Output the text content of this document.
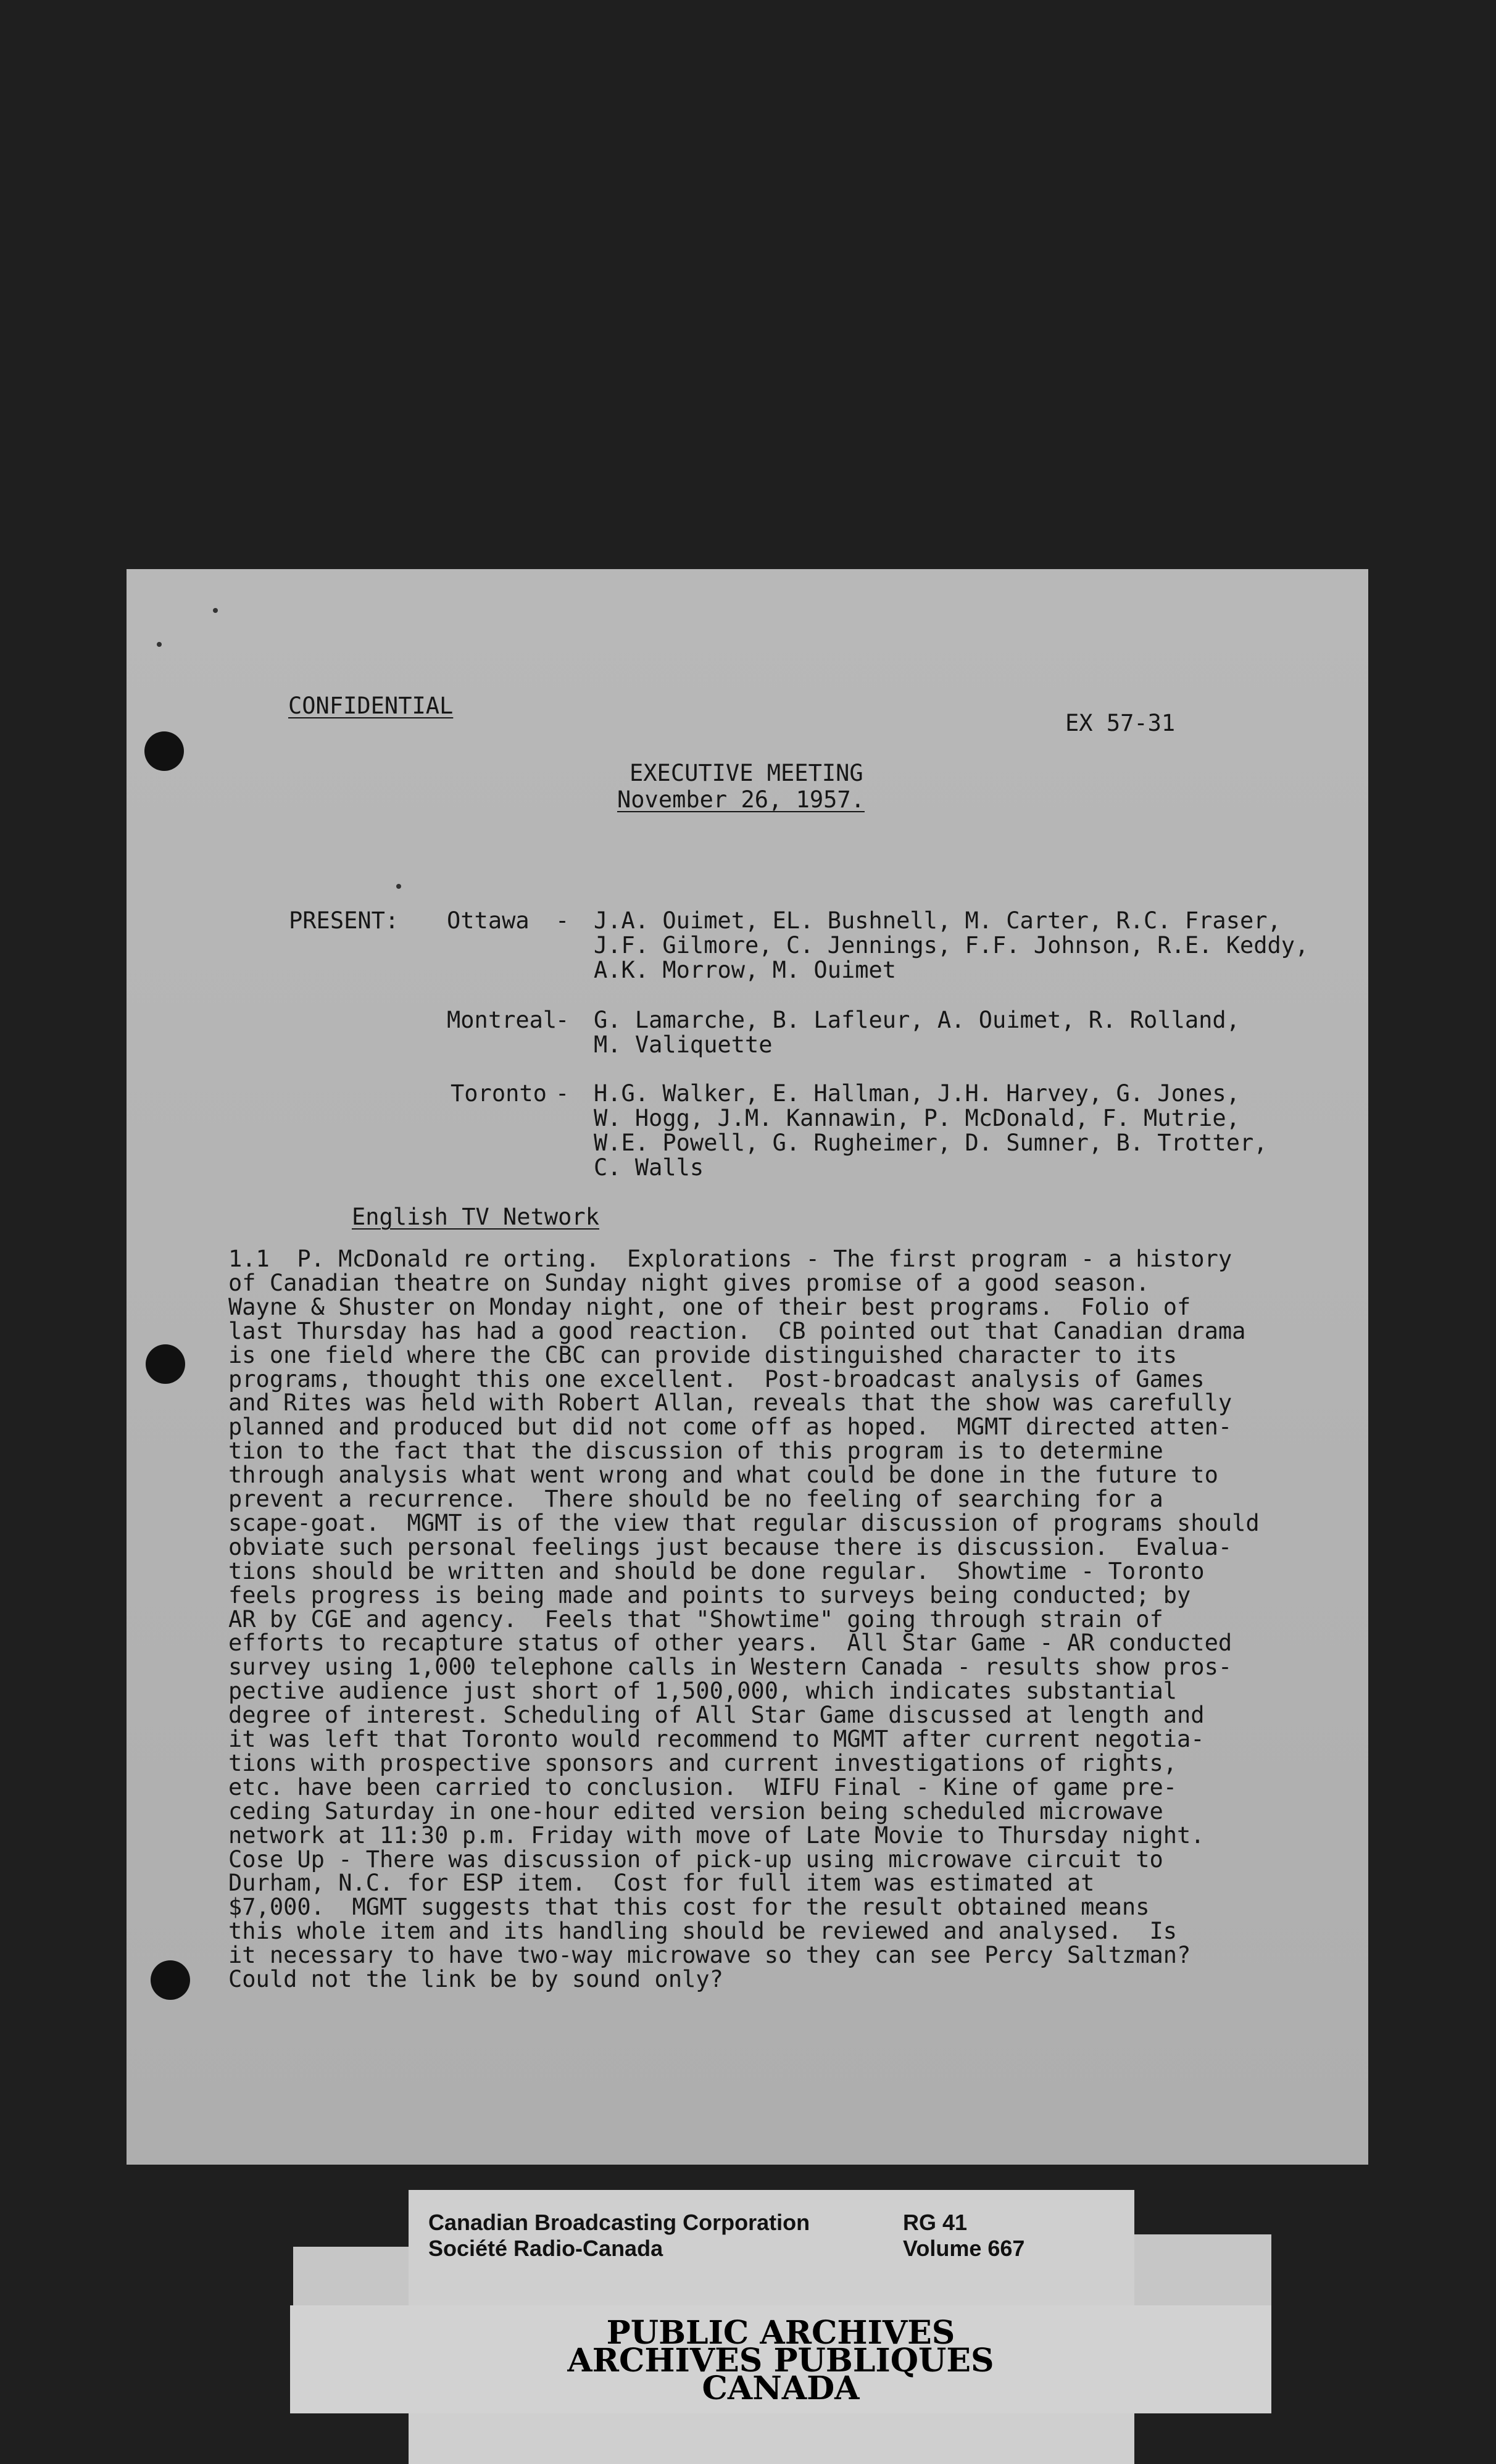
CONFIDENTIAL
EX 57-31
EXECUTIVE MEETING
November 26, 1957.
PRESENT: Ottawa - J.A. Ouimet, EL. Bushnell, M. Carter, R.C. Fraser,
J.F. Gilmore, C. Jennings, F.F. Johnson, R.E. Keddy,
A.K. Morrow, M. Ouimet
Montreal
- G. Lamarche, B. Lafleur, A. Ouimet, R. Rolland,
M. Valiquette
Toronto - H.G. Walker, E. Hallman, J.H. Harvey, G. Jones,
W. Hogg, J.M. Kannawin, P. McDonald, F. Mutrie,
W.E. Powell, G. Rugheimer, D. Sumner, B. Trotter,
C. Walls
English TV Network
1.1  P. McDonald re orting.  Explorations - The first program - a history
of Canadian theatre on Sunday night gives promise of a good season.
Wayne & Shuster on Monday night, one of their best programs.  Folio of
last Thursday has had a good reaction.  CB pointed out that Canadian drama
is one field where the CBC can provide distinguished character to its
programs, thought this one excellent.  Post-broadcast analysis of Games
and Rites was held with Robert Allan, reveals that the show was carefully
planned and produced but did not come off as hoped.  MGMT directed atten-
tion to the fact that the discussion of this program is to determine
through analysis what went wrong and what could be done in the future to
prevent a recurrence.  There should be no feeling of searching for a
scape-goat.  MGMT is of the view that regular discussion of programs should
obviate such personal feelings just because there is discussion.  Evalua-
tions should be written and should be done regular.  Showtime - Toronto
feels progress is being made and points to surveys being conducted; by
AR by CGE and agency.  Feels that "Showtime" going through strain of
efforts to recapture status of other years.  All Star Game - AR conducted
survey using 1,000 telephone calls in Western Canada - results show pros-
pective audience just short of 1,500,000, which indicates substantial
degree of interest. Scheduling of All Star Game discussed at length and
it was left that Toronto would recommend to MGMT after current negotia-
tions with prospective sponsors and current investigations of rights,
etc. have been carried to conclusion.  WIFU Final - Kine of game pre-
ceding Saturday in one-hour edited version being scheduled microwave
network at 11:30 p.m. Friday with move of Late Movie to Thursday night.
Cose Up - There was discussion of pick-up using microwave circuit to
Durham, N.C. for ESP item.  Cost for full item was estimated at
$7,000.  MGMT suggests that this cost for the result obtained means
this whole item and its handling should be reviewed and analysed.  Is
it necessary to have two-way microwave so they can see Percy Saltzman?
Could not the link be by sound only?
Canadian Broadcasting Corporation
Société Radio-Canada
RG 41
Volume 667
PUBLIC ARCHIVES
ARCHIVES PUBLIQUES
CANADA
